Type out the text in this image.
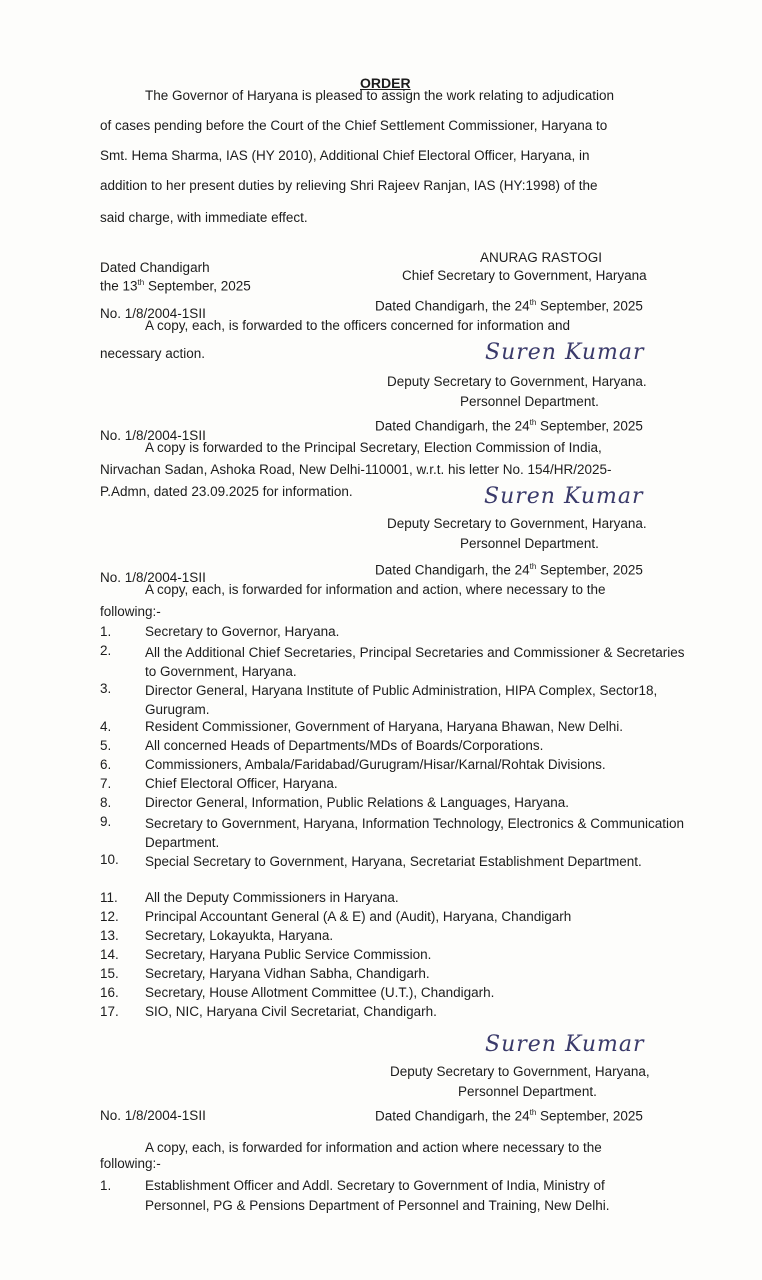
ORDER
The Governor of Haryana is pleased to assign the work relating to adjudication
of cases pending before the Court of the Chief Settlement Commissioner, Haryana to
Smt. Hema Sharma, IAS (HY 2010), Additional Chief Electoral Officer, Haryana, in
addition to her present duties by relieving Shri Rajeev Ranjan, IAS (HY:1998) of the
said charge, with immediate effect.
Dated Chandigarh
the 13th September, 2025
ANURAG RASTOGI
Chief Secretary to Government, Haryana
No. 1/8/2004-1SII	Dated Chandigarh, the 24th September, 2025
A copy, each, is forwarded to the officers concerned for information and
necessary action.	Suren Kumar
Deputy Secretary to Government, Haryana.
Personnel Department.
No. 1/8/2004-1SII
Dated Chandigarh, the 24th September, 2025
A copy is forwarded to the Principal Secretary, Election Commission of India,
Nirvachan Sadan, Ashoka Road, New Delhi-110001, w.r.t. his letter No. 154/HR/2025-
P.Admn, dated 23.09.2025 for information.	Suren Kumar
Deputy Secretary to Government, Haryana.
Personnel Department.
No. 1/8/2004-1SII	Dated Chandigarh, the 24th September, 2025
A copy, each, is forwarded for information and action, where necessary to the
following:-
1. Secretary to Governor, Haryana.
2. All the Additional Chief Secretaries, Principal Secretaries and Commissioner & Secretaries to Government, Haryana.
3. Director General, Haryana Institute of Public Administration, HIPA Complex, Sector18, Gurugram.
4. Resident Commissioner, Government of Haryana, Haryana Bhawan, New Delhi.
5. All concerned Heads of Departments/MDs of Boards/Corporations.
6. Commissioners, Ambala/Faridabad/Gurugram/Hisar/Karnal/Rohtak Divisions.
7. Chief Electoral Officer, Haryana.
8. Director General, Information, Public Relations & Languages, Haryana.
9. Secretary to Government, Haryana, Information Technology, Electronics & Communication Department.
10. Special Secretary to Government, Haryana, Secretariat Establishment Department.
11. All the Deputy Commissioners in Haryana.
12. Principal Accountant General (A & E) and (Audit), Haryana, Chandigarh
13. Secretary, Lokayukta, Haryana.
14. Secretary, Haryana Public Service Commission.
15. Secretary, Haryana Vidhan Sabha, Chandigarh.
16. Secretary, House Allotment Committee (U.T.), Chandigarh.
17. SIO, NIC, Haryana Civil Secretariat, Chandigarh.
Suren Kumar
Deputy Secretary to Government, Haryana,
Personnel Department.
No. 1/8/2004-1SII	Dated Chandigarh, the 24th September, 2025
A copy, each, is forwarded for information and action where necessary to the
following:-
1. Establishment Officer and Addl. Secretary to Government of India, Ministry of
Personnel, PG & Pensions Department of Personnel and Training, New Delhi.
